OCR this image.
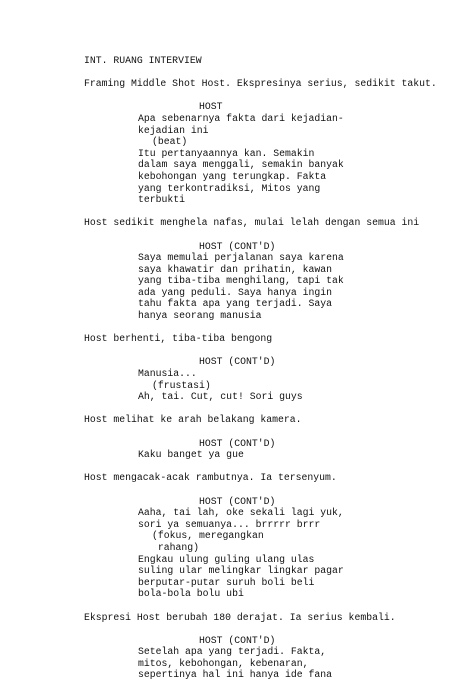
INT. RUANG INTERVIEW
Framing Middle Shot Host. Ekspresinya serius, sedikit takut.
HOST
Apa sebenarnya fakta dari kejadian-
kejadian ini
(beat)
Itu pertanyaannya kan. Semakin
dalam saya menggali, semakin banyak
kebohongan yang terungkap. Fakta
yang terkontradiksi, Mitos yang
terbukti
Host sedikit menghela nafas, mulai lelah dengan semua ini
HOST (CONT'D)
Saya memulai perjalanan saya karena
saya khawatir dan prihatin, kawan
yang tiba-tiba menghilang, tapi tak
ada yang peduli. Saya hanya ingin
tahu fakta apa yang terjadi. Saya
hanya seorang manusia
Host berhenti, tiba-tiba bengong
HOST (CONT'D)
Manusia...
(frustasi)
Ah, tai. Cut, cut! Sori guys
Host melihat ke arah belakang kamera.
HOST (CONT'D)
Kaku banget ya gue
Host mengacak-acak rambutnya. Ia tersenyum.
HOST (CONT'D)
Aaha, tai lah, oke sekali lagi yuk,
sori ya semuanya... brrrrr brrr
(fokus, meregangkan
rahang)
Engkau ulung guling ulang ulas
suling ular melingkar lingkar pagar
berputar-putar suruh boli beli
bola-bola bolu ubi
Ekspresi Host berubah 180 derajat. Ia serius kembali.
HOST (CONT'D)
Setelah apa yang terjadi. Fakta,
mitos, kebohongan, kebenaran,
sepertinya hal ini hanya ide fana
